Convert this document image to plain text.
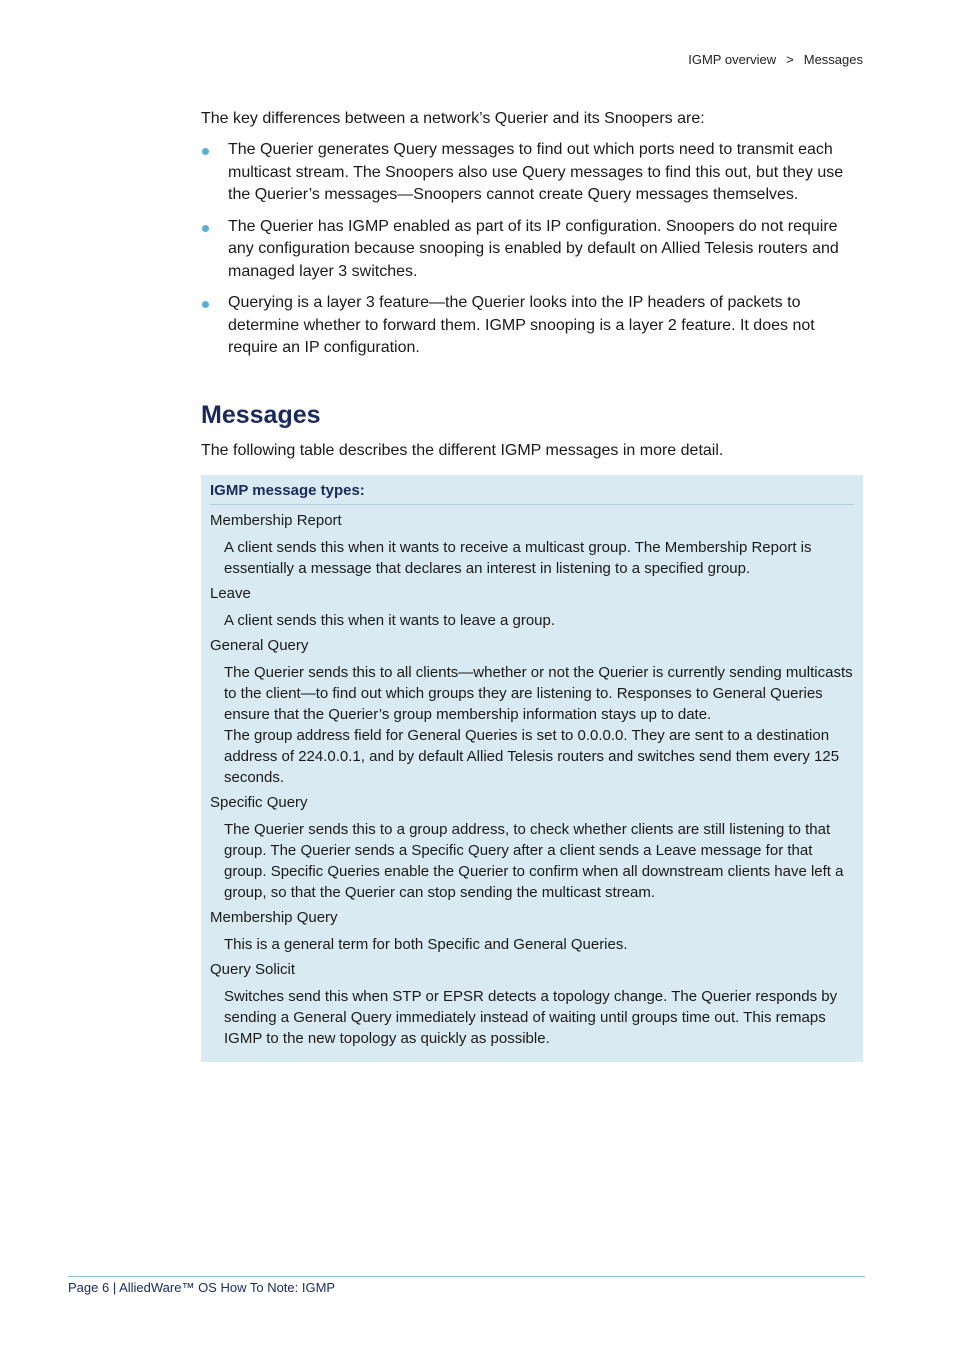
IGMP overview > Messages

The key differences between a network’s Querier and its Snoopers are:

The Querier generates Query messages to find out which ports need to transmit each multicast stream. The Snoopers also use Query messages to find this out, but they use the Querier’s messages—Snoopers cannot create Query messages themselves.
The Querier has IGMP enabled as part of its IP configuration. Snoopers do not require any configuration because snooping is enabled by default on Allied Telesis routers and managed layer 3 switches.
Querying is a layer 3 feature—the Querier looks into the IP headers of packets to determine whether to forward them. IGMP snooping is a layer 2 feature. It does not require an IP configuration.
Messages

The following table describes the different IGMP messages in more detail.

IGMP message types:
Membership Report
A client sends this when it wants to receive a multicast group. The Membership Report is essentially a message that declares an interest in listening to a specified group.
Leave
A client sends this when it wants to leave a group.
General Query
The Querier sends this to all clients—whether or not the Querier is currently sending multicasts to the client—to find out which groups they are listening to. Responses to General Queries ensure that the Querier’s group membership information stays up to date.
The group address field for General Queries is set to 0.0.0.0. They are sent to a destination address of 224.0.0.1, and by default Allied Telesis routers and switches send them every 125 seconds.
Specific Query
The Querier sends this to a group address, to check whether clients are still listening to that group. The Querier sends a Specific Query after a client sends a Leave message for that group. Specific Queries enable the Querier to confirm when all downstream clients have left a group, so that the Querier can stop sending the multicast stream.
Membership Query
This is a general term for both Specific and General Queries.
Query Solicit
Switches send this when STP or EPSR detects a topology change. The Querier responds by sending a General Query immediately instead of waiting until groups time out. This remaps IGMP to the new topology as quickly as possible.
Page 6 | AlliedWare™ OS How To Note: IGMP
